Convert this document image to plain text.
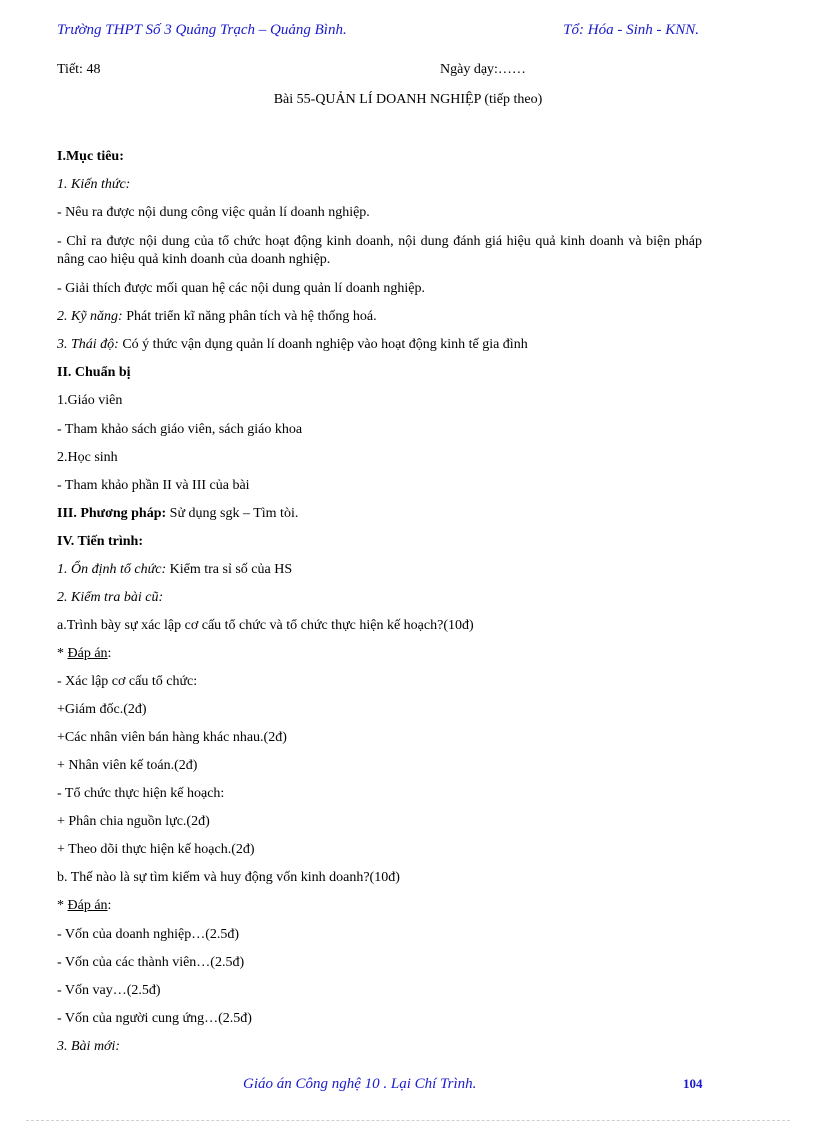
Trường THPT Số 3 Quảng Trạch – Quảng Bình.	Tổ: Hóa - Sinh - KNN.
Tiết: 48	Ngày dạy:……
Bài 55-QUẢN LÍ DOANH NGHIỆP (tiếp theo)
I.Mục tiêu:
1. Kiến thức:
- Nêu ra được nội dung công việc quản lí doanh nghiệp.
- Chỉ ra được nội dung của tổ chức hoạt động kinh doanh, nội dung đánh giá hiệu quả kinh doanh và biện pháp nâng cao hiệu quả kinh doanh của doanh nghiệp.
- Giải thích được mối quan hệ các nội dung quản lí doanh nghiệp.
2. Kỹ năng: Phát triển kĩ năng phân tích và hệ thống hoá.
3. Thái độ: Có ý thức vận dụng quản lí doanh nghiệp vào hoạt động kinh tế gia đình
II. Chuẩn bị
1.Giáo viên
- Tham khảo sách giáo viên, sách giáo khoa
2.Học sinh
- Tham khảo phần II và III của bài
III. Phương pháp: Sử dụng sgk – Tìm tòi.
IV. Tiến trình:
1. Ổn định tổ chức: Kiểm tra sỉ số của HS
2. Kiểm tra bài cũ:
a.Trình bày sự xác lập cơ cấu tổ chức và tổ chức thực hiện kế hoạch?(10đ)
* Đáp án:
- Xác lập cơ cấu tổ chức:
+Giám đốc.(2đ)
+Các nhân viên bán hàng khác nhau.(2đ)
+ Nhân viên kế toán.(2đ)
- Tổ chức thực hiện kế hoạch:
+ Phân chia nguồn lực.(2đ)
+ Theo dõi thực hiện kế hoạch.(2đ)
b. Thế nào là sự tìm kiếm và huy động vốn kinh doanh?(10đ)
* Đáp án:
- Vốn của doanh nghiệp…(2.5đ)
- Vốn của các thành viên…(2.5đ)
- Vốn vay…(2.5đ)
- Vốn của người cung ứng…(2.5đ)
3. Bài mới:
Giáo án Công nghệ 10 . Lại Chí Trình.	104
